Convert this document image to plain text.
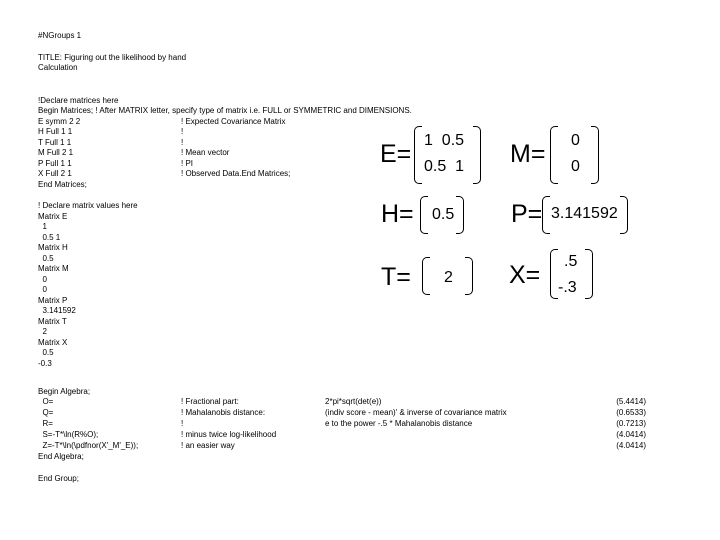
#NGroups 1
TITLE: Figuring out the likelihood by hand
Calculation
!Declare matrices here
Begin Matrices; ! After MATRIX letter, specify type of matrix i.e. FULL or SYMMETRIC and DIMENSIONS.
E symm 2 2	! Expected Covariance Matrix
H Full 1 1	!
T Full 1 1	!
M Full 2 1	! Mean vector
P Full 1 1	! PI
X Full 2 1	! Observed Data.End Matrices;
End Matrices;
! Declare matrix values here
Matrix E
1
0.5 1
Matrix H
0.5
Matrix M
0
0
Matrix P
3.141592
Matrix T
2
Matrix X
0.5
-0.3
Begin Algebra;
O=	! Fractional part:	2*pi*sqrt(det(e))	(5.4414)
Q=	! Mahalanobis distance:	(indiv score - mean)' & inverse of covariance matrix	(0.6533)
R=	!	e to the power -.5 * Mahalanobis distance	(0.7213)
S=-T*\ln(R%O);	! minus twice log-likelihood	(4.0414)
Z=-T*\ln(\pdfnor(X'_M'_E));	! an easier way	(4.0414)
End Algebra;
End Group;
E= 1  0.5
0.5  1 M= 0
0
H= 0.5 P= 3.141592
T= 2 X= .5
-.3
